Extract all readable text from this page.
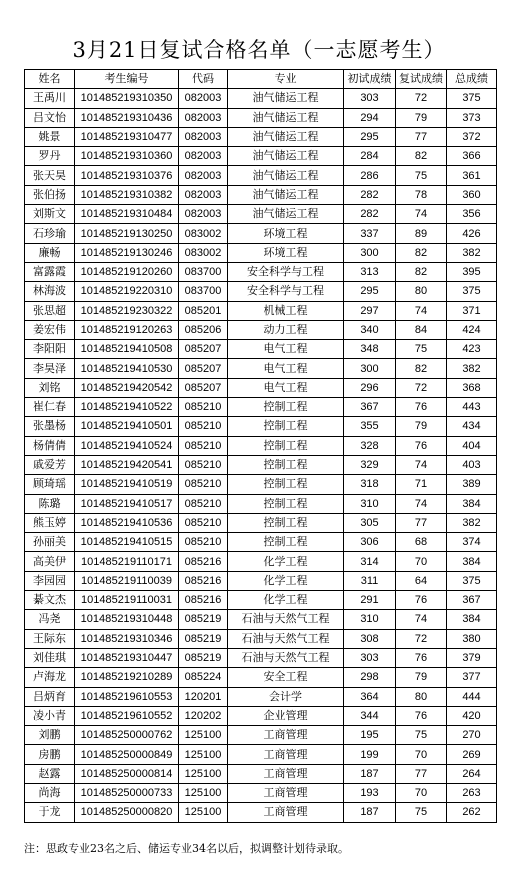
3月21日复试合格名单（一志愿考生）
姓名	考生编号	代码	专业	初试成绩	复试成绩	总成绩
王禹川	101485219310350	082003	油气储运工程	303	72	375
吕文怡	101485219310436	082003	油气储运工程	294	79	373
姚景	101485219310477	082003	油气储运工程	295	77	372
罗丹	101485219310360	082003	油气储运工程	284	82	366
张天昊	101485219310376	082003	油气储运工程	286	75	361
张伯扬	101485219310382	082003	油气储运工程	282	78	360
刘斯文	101485219310484	082003	油气储运工程	282	74	356
石珍瑜	101485219130250	083002	环境工程	337	89	426
廉畅	101485219130246	083002	环境工程	300	82	382
富露霞	101485219120260	083700	安全科学与工程	313	82	395
林海波	101485219220310	083700	安全科学与工程	295	80	375
张思超	101485219230322	085201	机械工程	297	74	371
姜宏伟	101485219120263	085206	动力工程	340	84	424
李阳阳	101485219410508	085207	电气工程	348	75	423
李昊泽	101485219410530	085207	电气工程	300	82	382
刘铭	101485219420542	085207	电气工程	296	72	368
崔仁春	101485219410522	085210	控制工程	367	76	443
张墨杨	101485219410501	085210	控制工程	355	79	434
杨倩倩	101485219410524	085210	控制工程	328	76	404
戚爱芳	101485219420541	085210	控制工程	329	74	403
顾琦瑶	101485219410519	085210	控制工程	318	71	389
陈璐	101485219410517	085210	控制工程	310	74	384
熊玉婷	101485219410536	085210	控制工程	305	77	382
孙丽美	101485219410515	085210	控制工程	306	68	374
高美伊	101485219110171	085216	化学工程	314	70	384
李园园	101485219110039	085216	化学工程	311	64	375
綦文杰	101485219110031	085216	化学工程	291	76	367
冯尧	101485219310448	085219	石油与天然气工程	310	74	384
王际东	101485219310346	085219	石油与天然气工程	308	72	380
刘佳琪	101485219310447	085219	石油与天然气工程	303	76	379
卢海龙	101485219210289	085224	安全工程	298	79	377
吕炳育	101485219610553	120201	会计学	364	80	444
凌小青	101485219610552	120202	企业管理	344	76	420
刘鹏	101485250000762	125100	工商管理	195	75	270
房鹏	101485250000849	125100	工商管理	199	70	269
赵露	101485250000814	125100	工商管理	187	77	264
尚海	101485250000733	125100	工商管理	193	70	263
于龙	101485250000820	125100	工商管理	187	75	262
注：思政专业23名之后、储运专业34名以后，拟调整计划待录取。
